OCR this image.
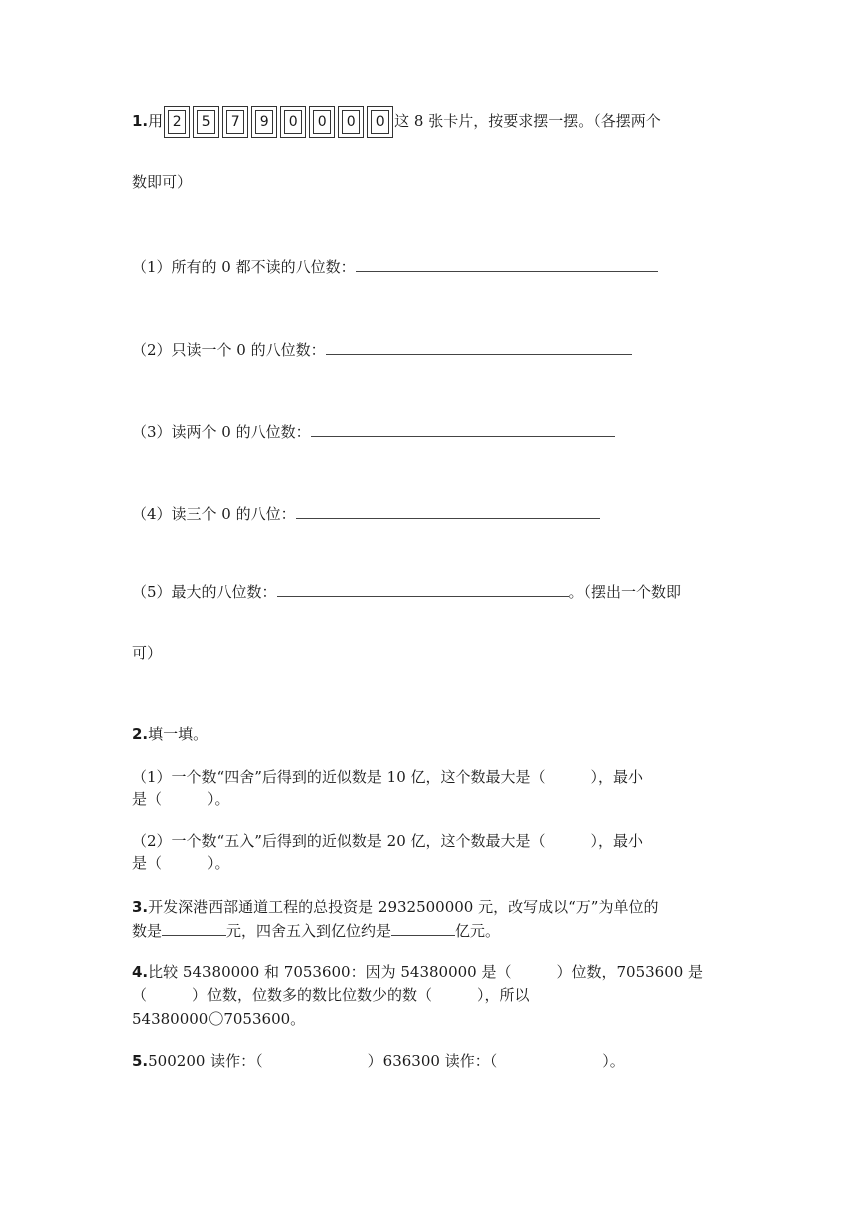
1.用 2	5	7	9	0	0	0	0 这 8 张卡片，按要求摆一摆。（各摆两个
数即可）
（1）所有的 0 都不读的八位数：
（2）只读一个 0 的八位数：
（3）读两个 0 的八位数：
（4）读三个 0 的八位：
（5）最大的八位数：	。（摆出一个数即
可）
2.填一填。
（1）一个数“四舍”后得到的近似数是 10 亿，这个数最大是（　　　），最小
是（　　　）。
（2）一个数“五入”后得到的近似数是 20 亿，这个数最大是（　　　），最小
是（　　　）。
3.开发深港西部通道工程的总投资是 2932500000 元，改写成以“万”为单位的
数是	元，四舍五入到亿位约是	亿元。
4.比较 54380000 和 7053600：因为 54380000 是（　　　）位数，7053600 是
（　　　）位数，位数多的数比位数少的数（　　　），所以
54380000〇7053600。
5.500200 读作：（　　　　　　　）636300 读作：（　　　　　　　）。
